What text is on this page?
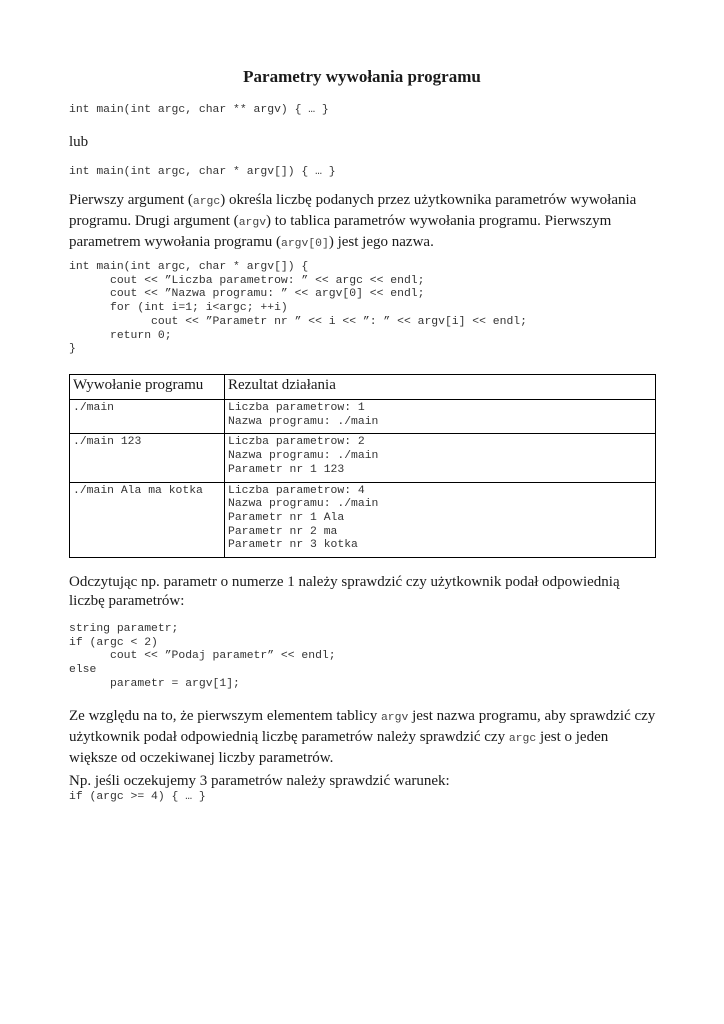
Parametry wywołania programu
int main(int argc, char ** argv) { … }

lub

int main(int argc, char * argv[]) { … }

Pierwszy argument (argc) określa liczbę podanych przez użytkownika parametrów wywołania programu. Drugi argument (argv) to tablica parametrów wywołania programu. Pierwszym parametrem wywołania programu (argv[0]) jest jego nazwa.

int main(int argc, char * argv[]) {
cout << ”Liczba parametrow: ” << argc << endl;
cout << ”Nazwa programu: ” << argv[0] << endl;
for (int i=1; i<argc; ++i)
cout << ”Parametr nr ” << i << ”: ” << argv[i] << endl;
return 0;
}
Wywołanie programu	Rezultat działania
./main	Liczba parametrow: 1
Nazwa programu: ./main

./main 123	Liczba parametrow: 2
Nazwa programu: ./main
Parametr nr 1 123

./main Ala ma kotka	Liczba parametrow: 4
Nazwa programu: ./main
Parametr nr 1 Ala
Parametr nr 2 ma
Parametr nr 3 kotka

Odczytując np. parametr o numerze 1 należy sprawdzić czy użytkownik podał odpowiednią liczbę parametrów:

string parametr;
if (argc < 2)
cout << ”Podaj parametr” << endl;
else
parametr = argv[1];

Ze względu na to, że pierwszym elementem tablicy argv jest nazwa programu, aby sprawdzić czy użytkownik podał odpowiednią liczbę parametrów należy sprawdzić czy argc jest o jeden większe od oczekiwanej liczby parametrów.

Np. jeśli oczekujemy 3 parametrów należy sprawdzić warunek:

if (argc >= 4) { … }
